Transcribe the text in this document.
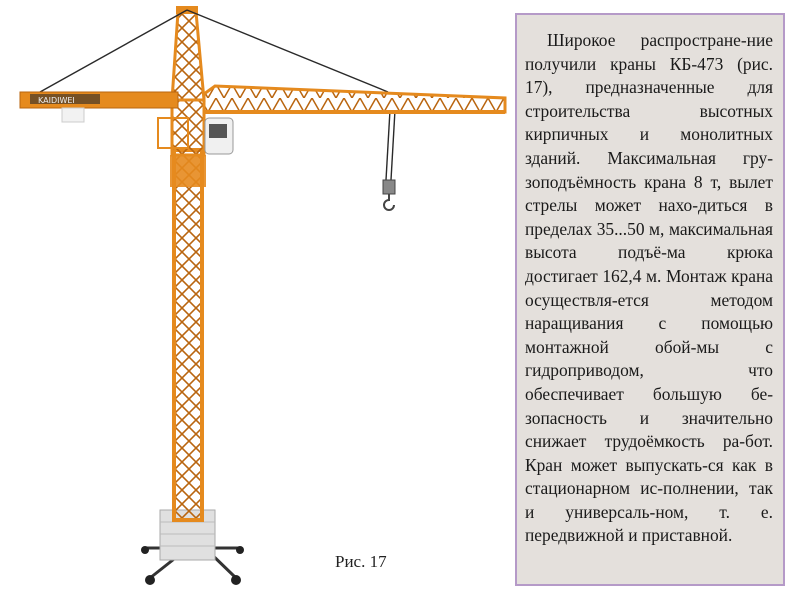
KAIDIWEI
Рис. 17

Широкое распростране-ние получили краны КБ-473 (рис. 17), предназначенные для строительства высотных кирпичных и монолитных зданий. Максимальная гру-зоподъёмность крана 8 т, вылет стрелы может нахо-диться в пределах 35...50 м, максимальная высота подъё-ма крюка достигает 162,4 м. Монтаж крана осуществля-ется методом наращивания с помощью монтажной обой-мы с гидроприводом, что обеспечивает большую бе-зопасность и значительно снижает трудоёмкость ра-бот. Кран может выпускать-ся как в стационарном ис-полнении, так и универсаль-ном, т. е. передвижной и приставной.
